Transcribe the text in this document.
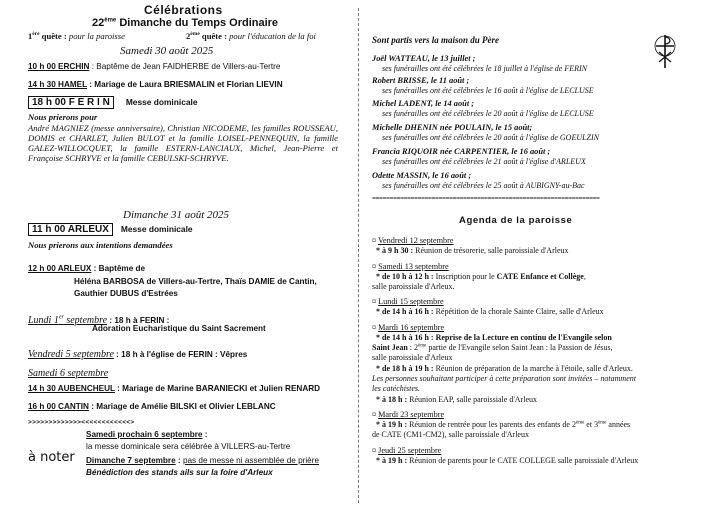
Célébrations
22ème Dimanche du Temps Ordinaire
1ère quête : pour la paroisse	2ème quête : pour l'éducation de la foi
Samedi 30 août 2025
10 h 00 ERCHIN : Baptême de Jean FAIDHERBE de Villers-au-Tertre
14 h 30 HAMEL : Mariage de Laura BRIESMALIN et Florian LIEVIN
18 h 00 F E R I N Messe dominicale
Nous prierons pour
André MAGNIEZ (messe anniversaire), Christian NICODEME, les familles ROUSSEAU, DOMIS et CHARLET, Julien BULOT et la famille LOISEL-PENNEQUIN, la famille GALEZ-WILLOCQUET, la famille ESTERN-LANCIAUX, Michel, Jean-Pierre et Françoise SCHRYVE et la famille CEBULSKI-SCHRYVE.
Dimanche 31 août 2025
11 h 00 ARLEUX Messe dominicale
Nous prierons aux intentions demandées
12 h 00 ARLEUX : Baptême de
Héléna BARBOSA de Villers-au-Tertre, Thaïs DAMIE de Cantin,
Gauthier DUBUS d'Estrées
Lundi 1er septembre : 18 h à FERIN :
Adoration Eucharistique du Saint Sacrement
Vendredi 5 septembre : 18 h à l'église de FERIN : Vêpres
Samedi 6 septembre
14 h 30 AUBENCHEUL : Mariage de Marine BARANIECKI et Julien RENARD
16 h 00 CANTIN : Mariage de Amélie BILSKI et Olivier LEBLANC
>>>>>>>>>>>>><<<<<<<<<<<<>
Samedi prochain 6 septembre :
la messe dominicale sera célébrée à VILLERS-au-Tertre
à noter Dimanche 7 septembre : pas de messe ni assemblée de prière
Bénédiction des stands ails sur la foire d'Arleux
Sont partis vers la maison du Père
Joël WATTEAU, le 13 juillet ;
ses funérailles ont été célébrées le 18 juillet à l'église de FERIN
Robert BRISSE, le 11 août ;
ses funérailles ont été célébrées le 16 août à l'église de LECLUSE
Michel LADENT, le 14 août ;
ses funérailles ont été célébrées le 20 août à l'église de LECLUSE
Michelle DHENIN née POULAIN, le 15 août;
ses funérailles ont été célébrées le 20 août à l'église de GOEULZIN
Francia RIQUOIR née CARPENTIER, le 16 août ;
ses funérailles ont été célébrées le 21 août à l'église d'ARLEUX
Odette MASSIN, le 16 août ;
ses funérailles ont été célébrées le 25 août à AUBIGNY-au-Bac
=================================================================
Agenda de la paroisse
¤ Vendredi 12 septembre
* à 9 h 30 : Réunion de trésorerie, salle paroissiale d'Arleux
¤ Samedi 13 septembre
* de 10 h à 12 h : Inscription pour le CATE Enfance et Collège,
salle paroissiale d'Arleux.
¤ Lundi 15 septembre
* de 14 h à 16 h : Répétition de la chorale Sainte Claire, salle d'Arleux
¤ Mardi 16 septembre
* de 14 h à 16 h : Reprise de la Lecture en continu de l'Evangile selon
Saint Jean : 2ème partie de l'Evangile selon Saint Jean : la Passion de Jésus,
salle paroissiale d'Arleux
* de 18 h à 19 h : Réunion de préparation de la marche à l'étoile, salle d'Arleux.
Les personnes souhaitant participer à cette préparation sont invitées – notamment
les catéchistes.
* à 18 h : Réunion EAP, salle paroissiale d'Arleux
¤ Mardi 23 septembre
* à 19 h : Réunion de rentrée pour les parents des enfants de 2ème et 3ème années
de CATE (CM1-CM2), salle paroissiale d'Arleux
¤ Jeudi 25 septembre
* à 19 h : Réunion de parents pour le CATE COLLEGE salle paroissiale d'Arleux
